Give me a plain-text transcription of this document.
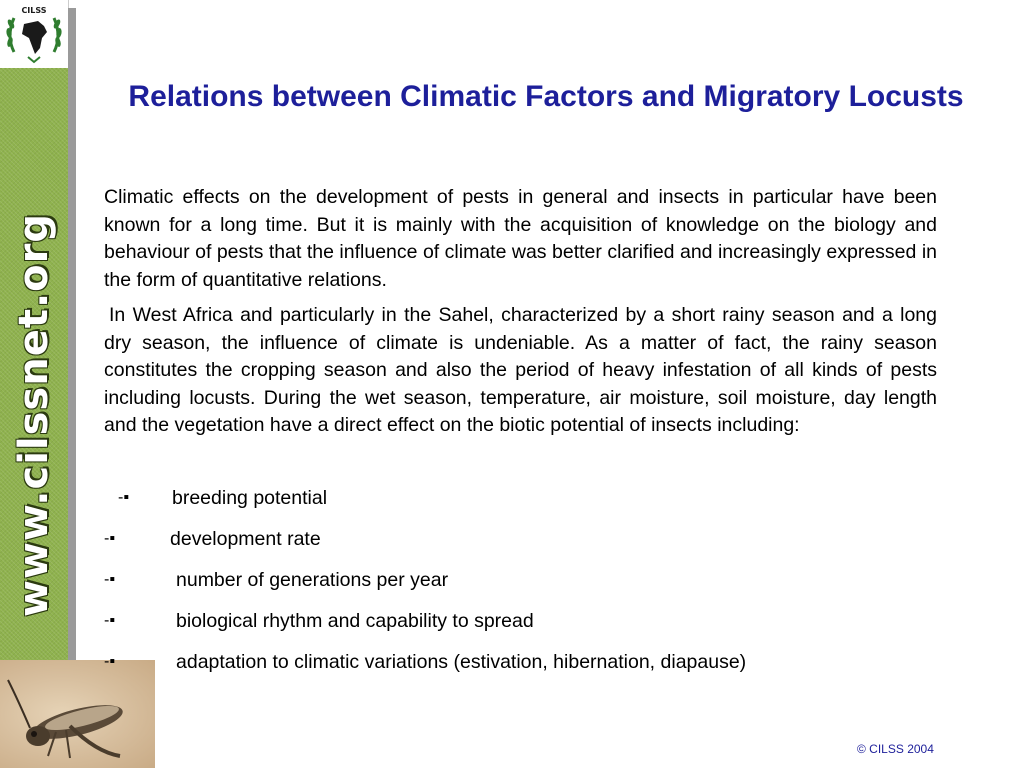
CILSS
www.cilssnet.org
Relations between Climatic Factors and Migratory Locusts

Climatic effects on the development of pests in general and insects in particular have been known for a long time. But it is mainly with the acquisition of knowledge on the biology and behaviour of pests that the influence of climate was better clarified and increasingly expressed in the form of quantitative relations.

In West Africa and particularly in the Sahel, characterized by a short rainy season and a long dry season, the influence of climate is undeniable. As a matter of fact, the rainy season constitutes the cropping season and also the period of heavy infestation of all kinds of pests including locusts. During the wet season, temperature, air moisture, soil moisture, day length and the vegetation have a direct effect on the biotic potential of insects including:

-▪ breeding potential
-▪	development rate
-▪	number of generations per year
-▪	biological rhythm and capability to spread
-▪	adaptation to climatic variations (estivation, hibernation, diapause)
© CILSS 2004
